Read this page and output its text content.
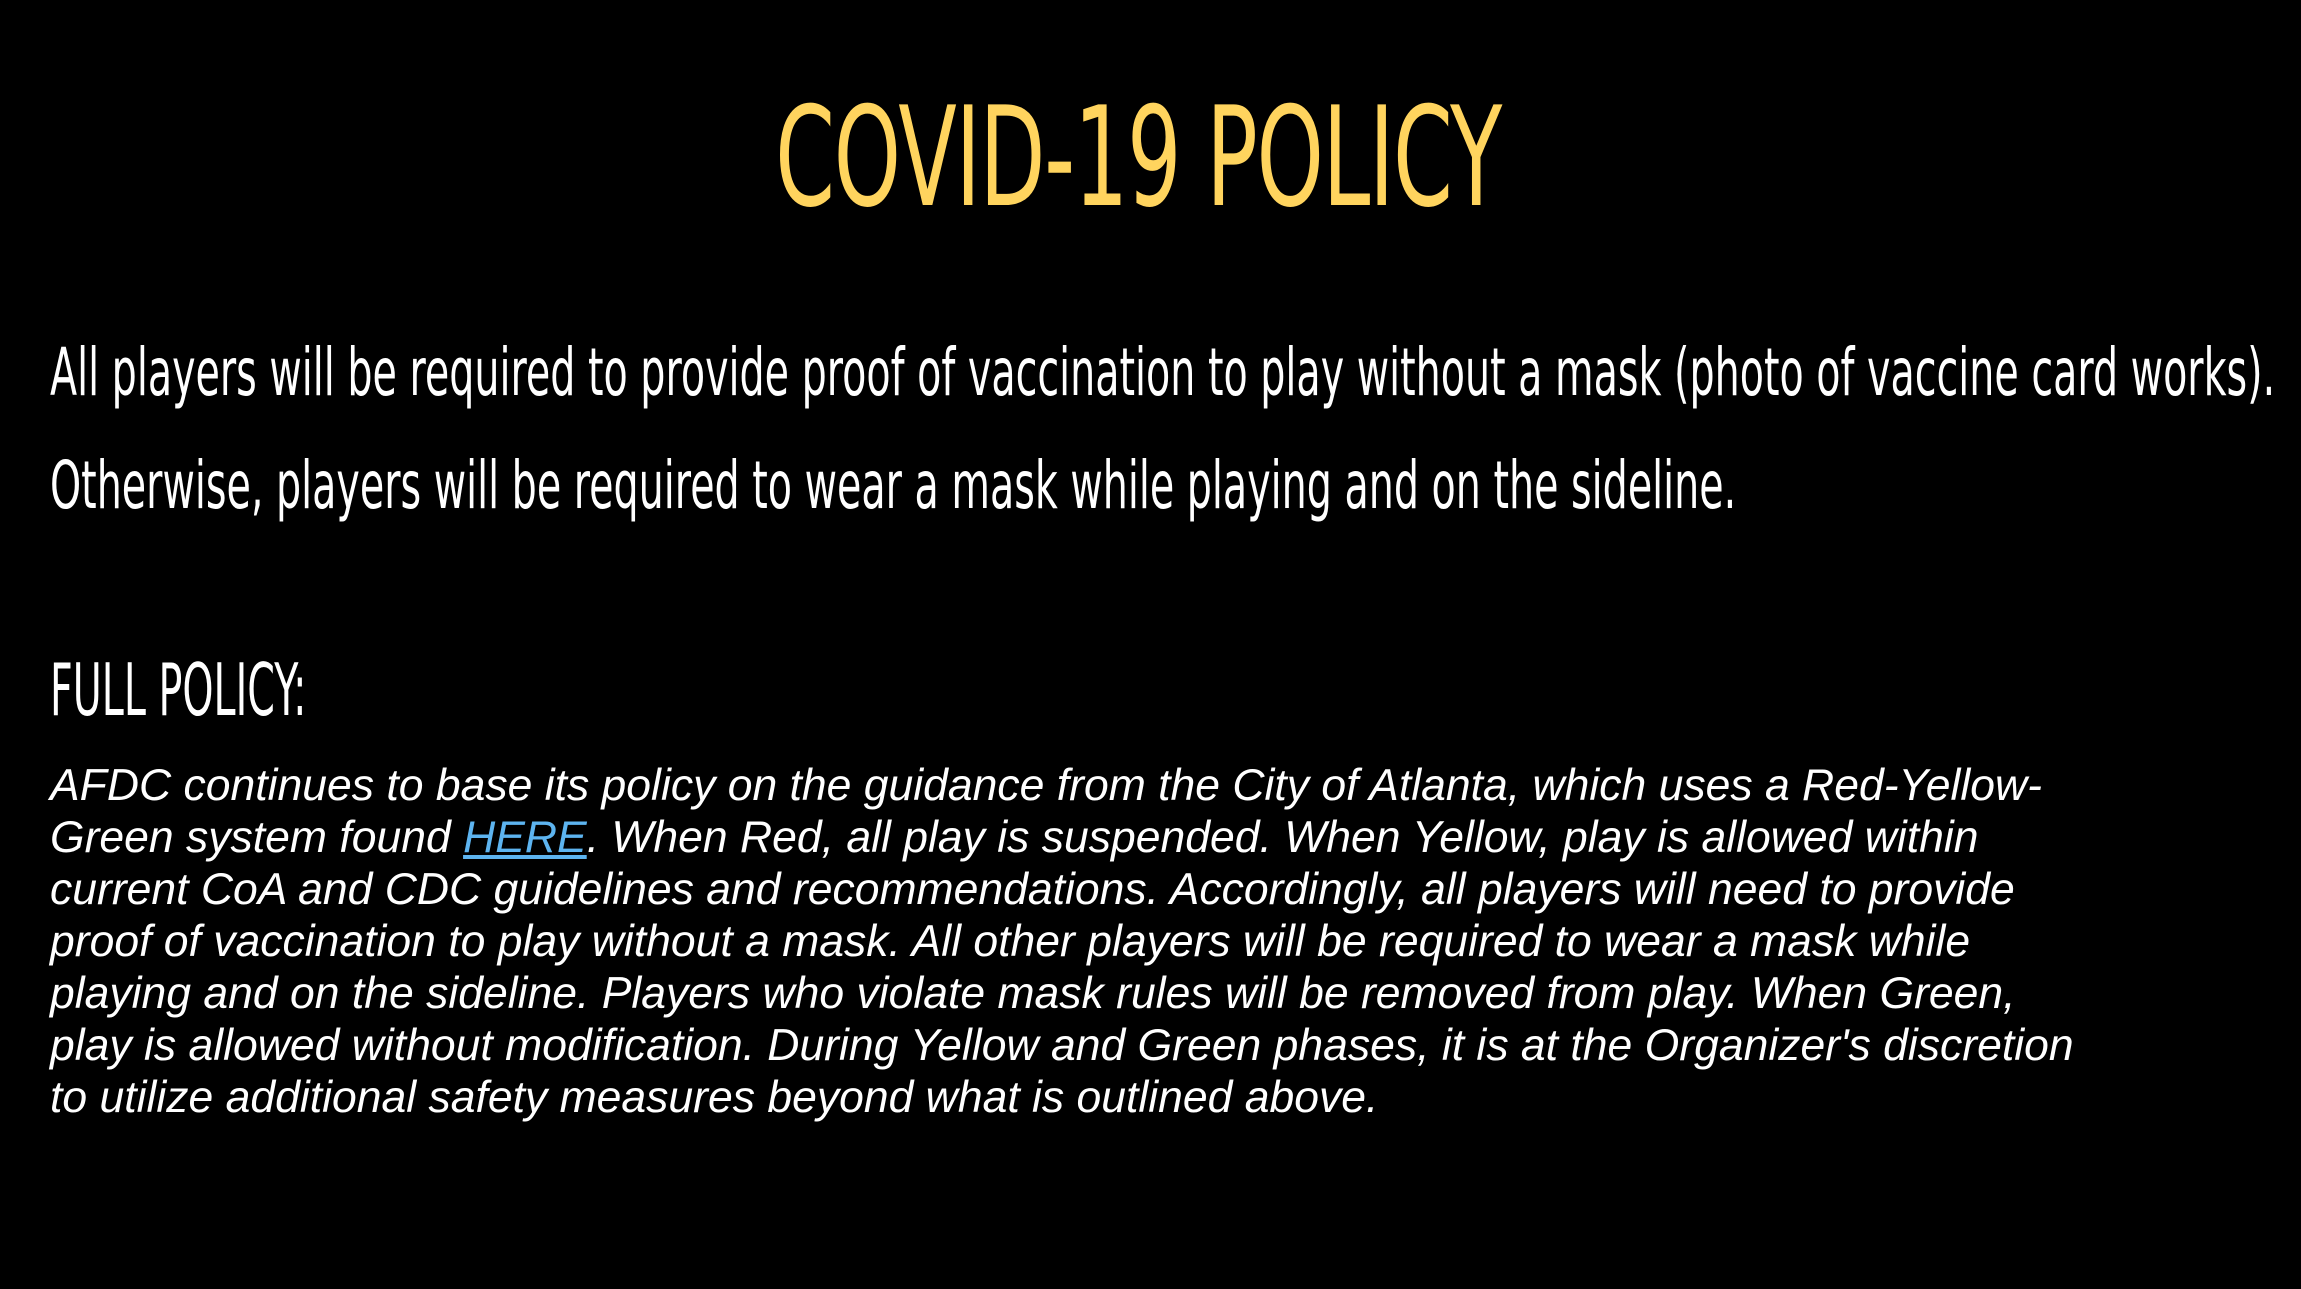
COVID-19 POLICY
All players will be required to provide proof of vaccination to play without a mask (photo of vaccine card works).
Otherwise, players will be required to wear a mask while playing and on the sideline.
FULL POLICY:
AFDC continues to base its policy on the guidance from the City of Atlanta, which uses a Red-Yellow-
Green system found HERE. When Red, all play is suspended. When Yellow, play is allowed within
current CoA and CDC guidelines and recommendations. Accordingly, all players will need to provide
proof of vaccination to play without a mask. All other players will be required to wear a mask while
playing and on the sideline. Players who violate mask rules will be removed from play. When Green,
play is allowed without modification. During Yellow and Green phases, it is at the Organizer's discretion
to utilize additional safety measures beyond what is outlined above.
